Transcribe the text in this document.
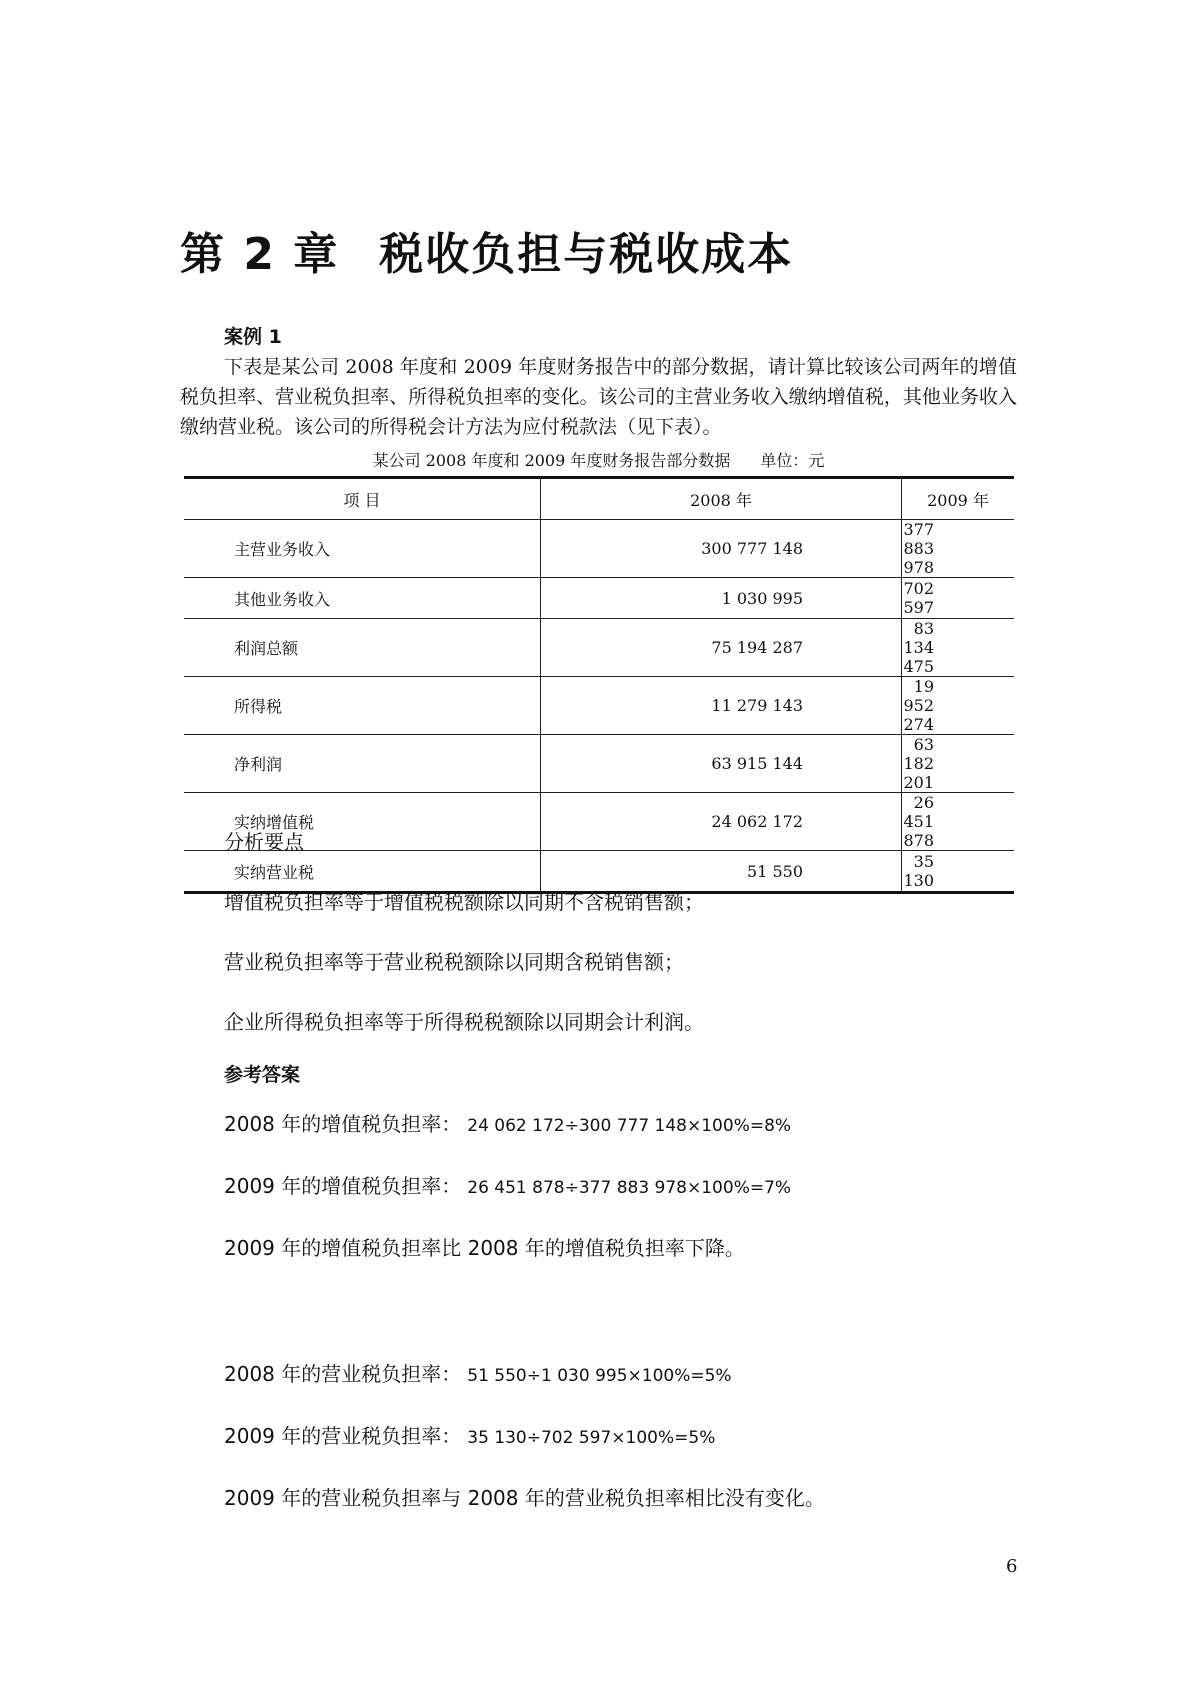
第 2 章 税收负担与税收成本

案例 1

下表是某公司 2008 年度和 2009 年度财务报告中的部分数据，请计算比较该公司两年的增值税负担率、营业税负担率、所得税负担率的变化。该公司的主营业务收入缴纳增值税，其他业务收入缴纳营业税。该公司的所得税会计方法为应付税款法（见下表）。

某公司 2008 年度和 2009 年度财务报告部分数据 单位：元
项 目	2008 年	2009 年
主营业务收入	300 777 148	377 883 978
其他业务收入	1 030 995	702 597
利润总额	75 194 287	83 134 475
所得税	11 279 143	19 952 274
净利润	63 915 144	63 182 201
实纳增值税	24 062 172	26 451 878
实纳营业税	51 550	35 130

分析要点

增值税负担率等于增值税税额除以同期不含税销售额；

营业税负担率等于营业税税额除以同期含税销售额；

企业所得税负担率等于所得税税额除以同期会计利润。

参考答案

2008 年的增值税负担率： 24 062 172÷300 777 148×100%=8%

2009 年的增值税负担率： 26 451 878÷377 883 978×100%=7%

2009 年的增值税负担率比 2008 年的增值税负担率下降。

2008 年的营业税负担率： 51 550÷1 030 995×100%=5%

2009 年的营业税负担率： 35 130÷702 597×100%=5%

2009 年的营业税负担率与 2008 年的营业税负担率相比没有变化。

6
